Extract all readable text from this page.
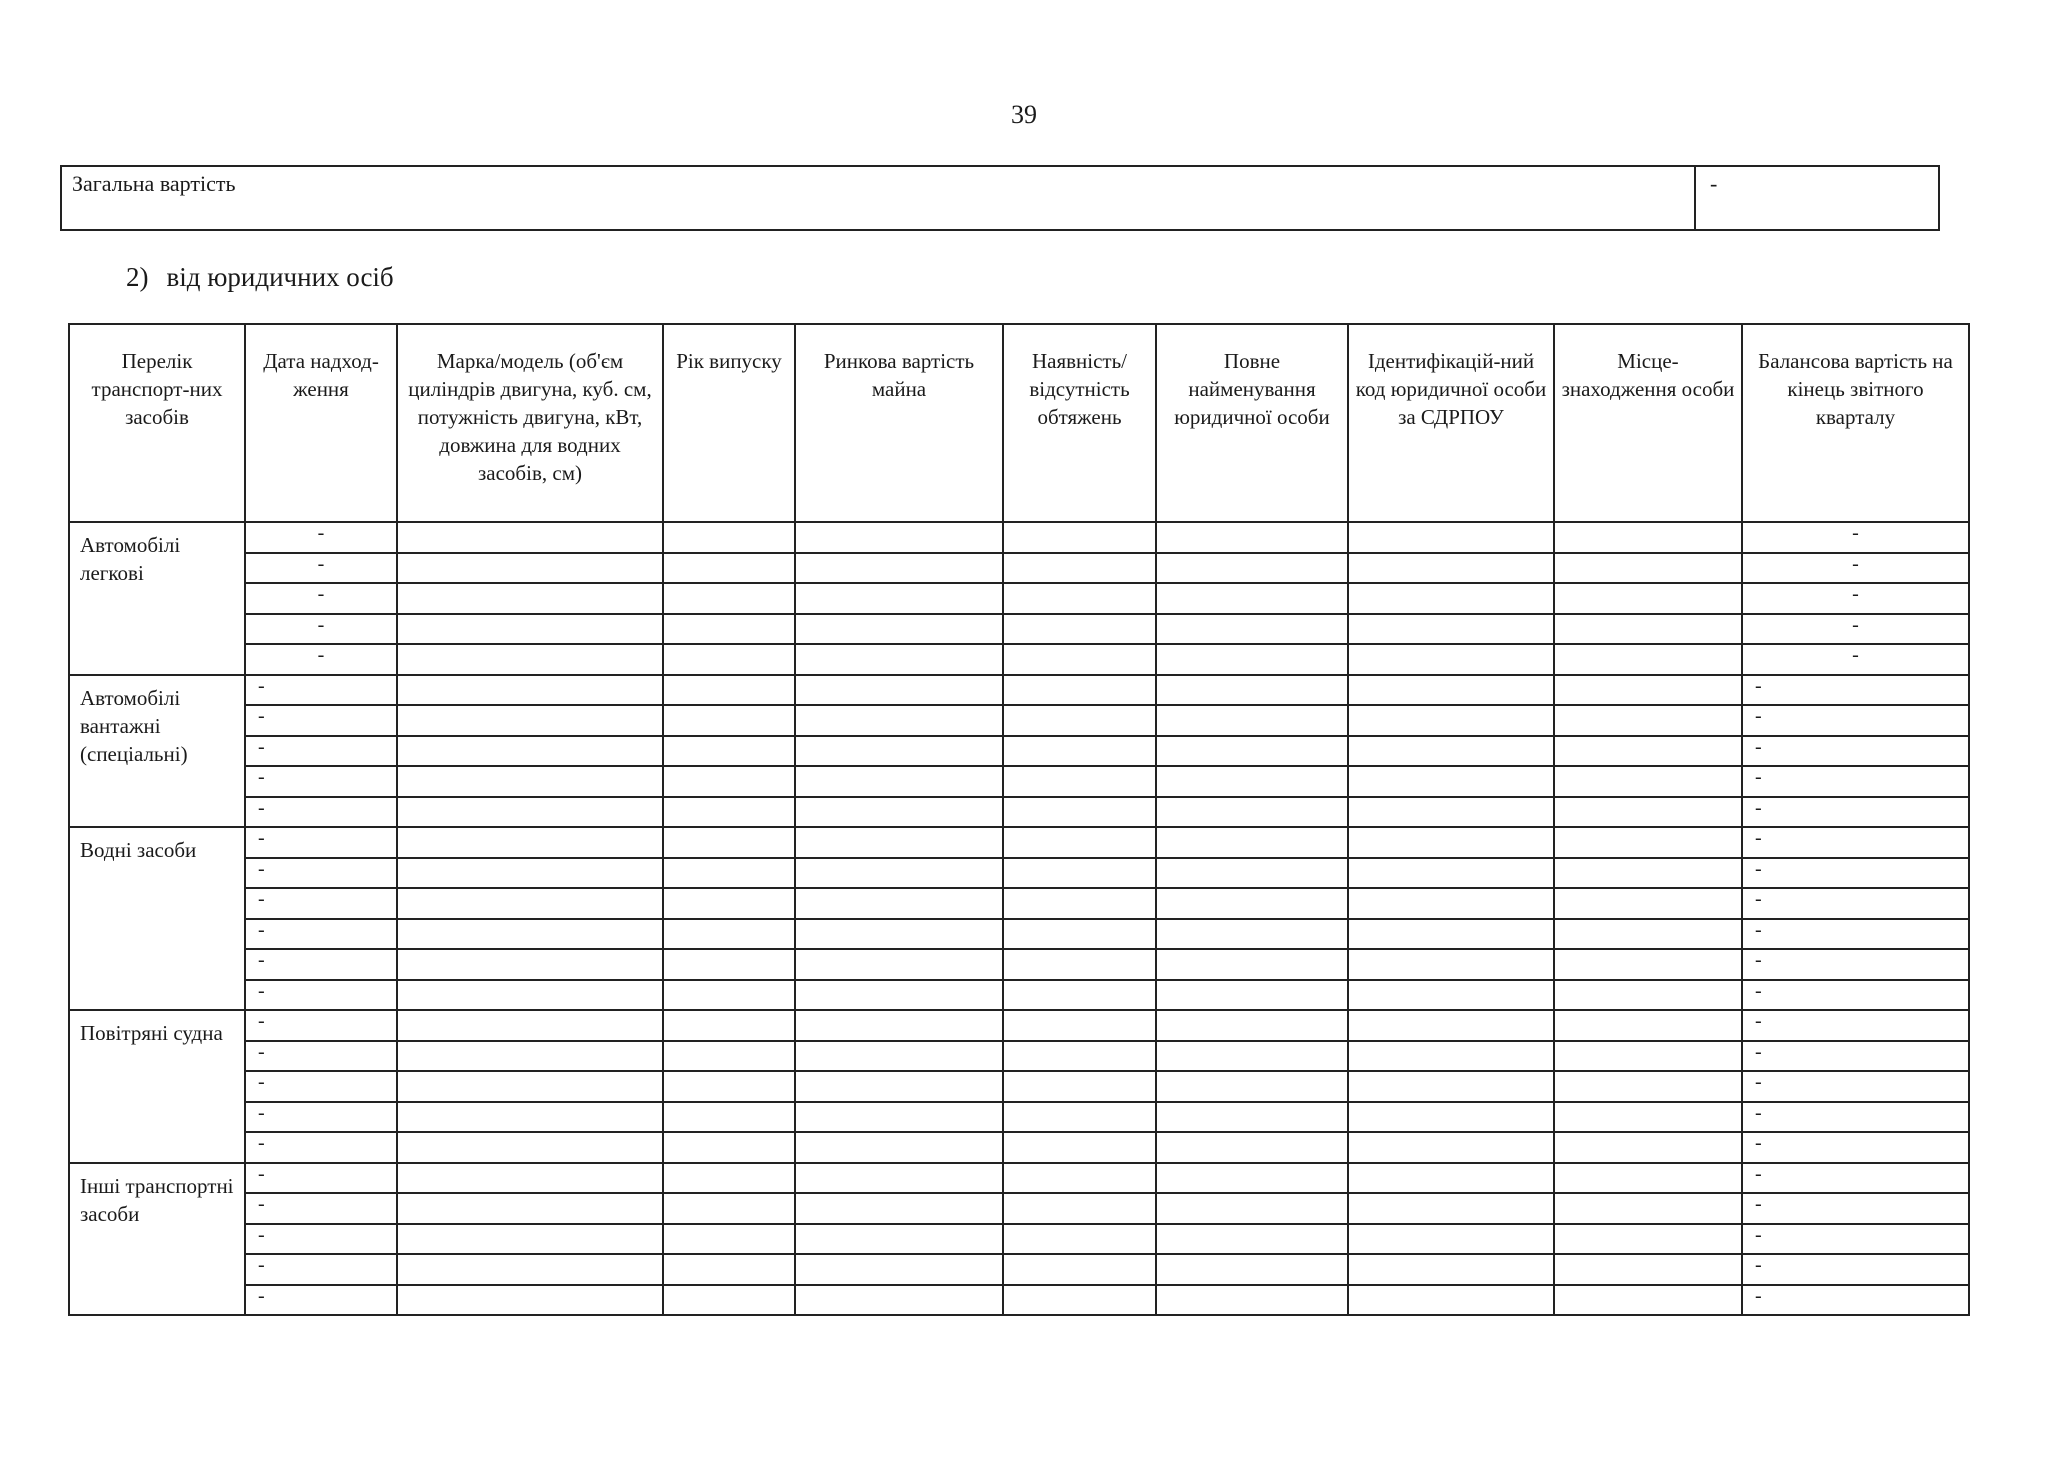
39
Загальна вартість	-
2) від юридичних осіб
Перелік транспорт-них засобів	Дата надход-ження	Марка/модель (об'єм циліндрів двигуна, куб. см, потужність двигуна, кВт, довжина для водних засобів, см)	Рік випуску	Ринкова вартість майна	Наявність/ відсутність обтяжень	Повне найменування юридичної особи	Ідентифікацій-ний код юридичної особи за СДРПОУ	Місце-знаходження особи	Балансова вартість на кінець звітного кварталу
Автомобілі легкові	-								-
	-								-
	-								-
	-								-
	-								-
Автомобілі вантажні (спеціальні)	-								-
	-								-
	-								-
	-								-
	-								-
Водні засоби	-								-
	-								-
	-								-
	-								-
	-								-
	-								-
Повітряні судна	-								-
	-								-
	-								-
	-								-
	-								-
Інші транспортні засоби	-								-
	-								-
	-								-
	-								-
	-								-
